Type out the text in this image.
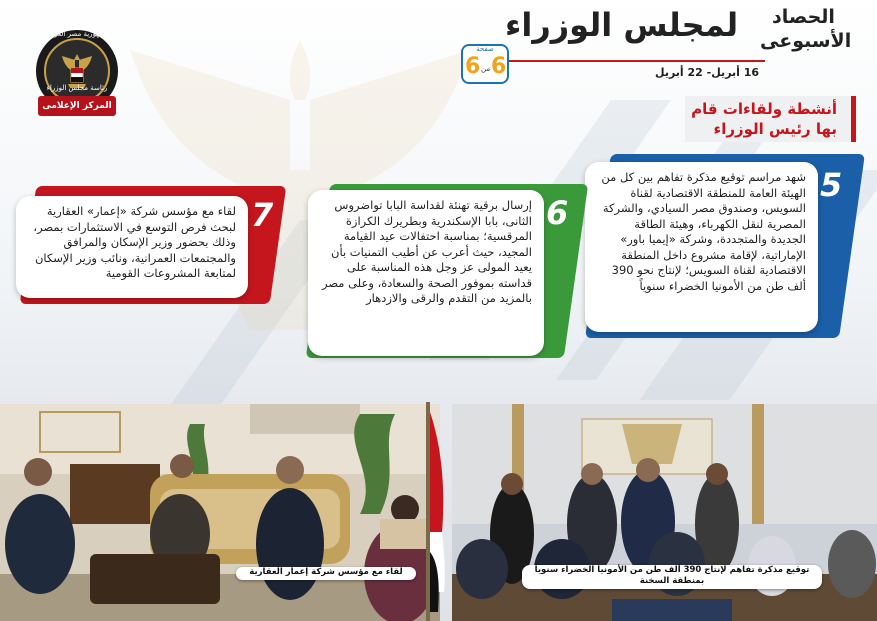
جمهورية مصر العربية
رئاسة مجلس الوزراء
المركز الإعلامى
لمجلس الوزراء الحصاد
الأسبوعى
16 أبريل- 22 أبريل
صفحة
6 من 6
أنشطة ولقاءات قام
بها رئيس الوزراء
5
شهد مراسم توقيع مذكرة تفاهم بين كل من الهيئة العامة للمنطقة الاقتصادية لقناة السويس، وصندوق مصر السيادي، والشركة المصرية لنقل الكهرباء، وهيئة الطاقة الجديدة والمتجددة، وشركة «إيميا باور» الإماراتية، لإقامة مشروع داخل المنطقة الاقتصادية لقناة السويس؛ لإنتاج نحو 390 ألف طن من الأمونيا الخضراء سنوياً
6
إرسال برقية تهنئة لقداسة البابا تواضروس الثانى، بابا الإسكندرية وبطريرك الكرازة المرقسية؛ بمناسبة احتفالات عيد القيامة المجيد، حيث أعرب عن أطيب التمنيات بأن يعيد المولى عز وجل هذه المناسبة على قداسته بموفور الصحة والسعادة، وعلى مصر بالمزيد من التقدم والرقى والازدهار
7
لقاء مع مؤسس شركة «إعمار» العقارية لبحث فرص التوسع في الاستثمارات بمصر، وذلك بحضور وزير الإسكان والمرافق والمجتمعات العمرانية، ونائب وزير الإسكان لمتابعة المشروعات القومية
لقاء مع مؤسس شركة إعمار العقارية	توقيع مذكرة تفاهم لإنتاج 390 ألف طن من الأمونيا الخضراء سنوياً
بمنطقة السخنة
